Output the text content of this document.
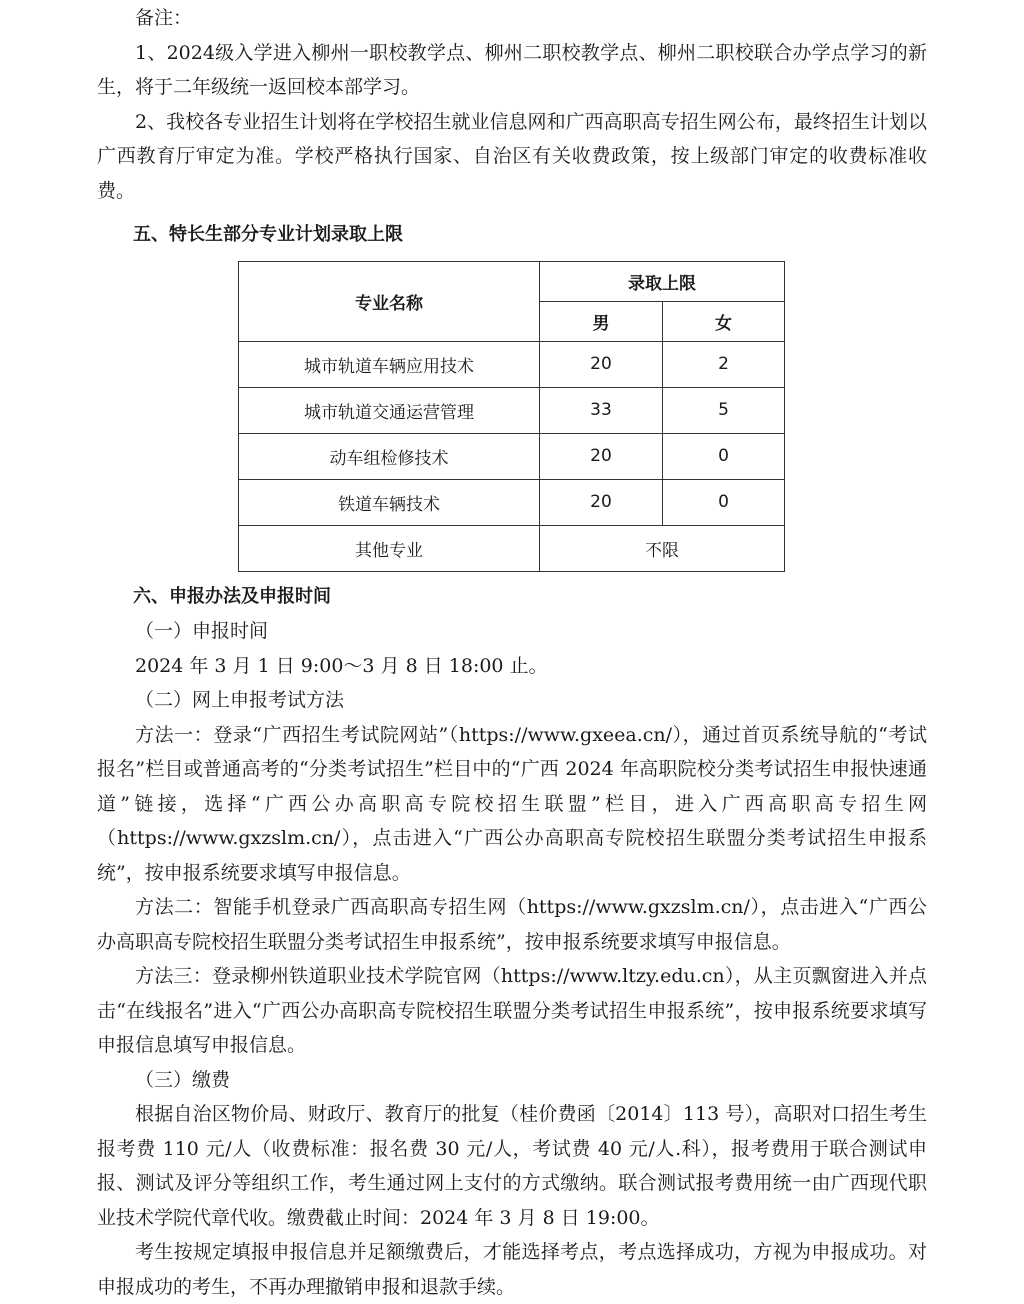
备注：

1、2024级入学进入柳州一职校教学点、柳州二职校教学点、柳州二职校联合办学点学习的新生，将于二年级统一返回校本部学习。

2、我校各专业招生计划将在学校招生就业信息网和广西高职高专招生网公布，最终招生计划以广西教育厅审定为准。学校严格执行国家、自治区有关收费政策，按上级部门审定的收费标准收费。

五、特长生部分专业计划录取上限

专业名称	录取上限	
	男	女
城市轨道车辆应用技术	20	2
城市轨道交通运营管理	33	5
动车组检修技术	20	0
铁道车辆技术	20	0
其他专业	不限	

六、申报办法及申报时间

（一）申报时间

2024 年 3 月 1 日 9:00～3 月 8 日 18:00 止。

（二）网上申报考试方法

方法一：登录“广西招生考试院网站”（https://www.gxeea.cn/），通过首页系统导航的“考试报名”栏目或普通高考的“分类考试招生”栏目中的“广西 2024 年高职院校分类考试招生申报快速通道”链接，选择“广西公办高职高专院校招生联盟”栏目，进入广西高职高专招生网（https://www.gxzslm.cn/），点击进入“广西公办高职高专院校招生联盟分类考试招生申报系统”，按申报系统要求填写申报信息。

方法二：智能手机登录广西高职高专招生网（https://www.gxzslm.cn/），点击进入“广西公办高职高专院校招生联盟分类考试招生申报系统”，按申报系统要求填写申报信息。

方法三：登录柳州铁道职业技术学院官网（https://www.ltzy.edu.cn），从主页飘窗进入并点击“在线报名”进入“广西公办高职高专院校招生联盟分类考试招生申报系统”，按申报系统要求填写申报信息填写申报信息。

（三）缴费

根据自治区物价局、财政厅、教育厅的批复（桂价费函〔2014〕113 号），高职对口招生考生报考费 110 元/人（收费标准：报名费 30 元/人，考试费 40 元/人.科），报考费用于联合测试申报、测试及评分等组织工作，考生通过网上支付的方式缴纳。联合测试报考费用统一由广西现代职业技术学院代章代收。缴费截止时间：2024 年 3 月 8 日 19:00。

考生按规定填报申报信息并足额缴费后，才能选择考点，考点选择成功，方视为申报成功。对申报成功的考生，不再办理撤销申报和退款手续。
